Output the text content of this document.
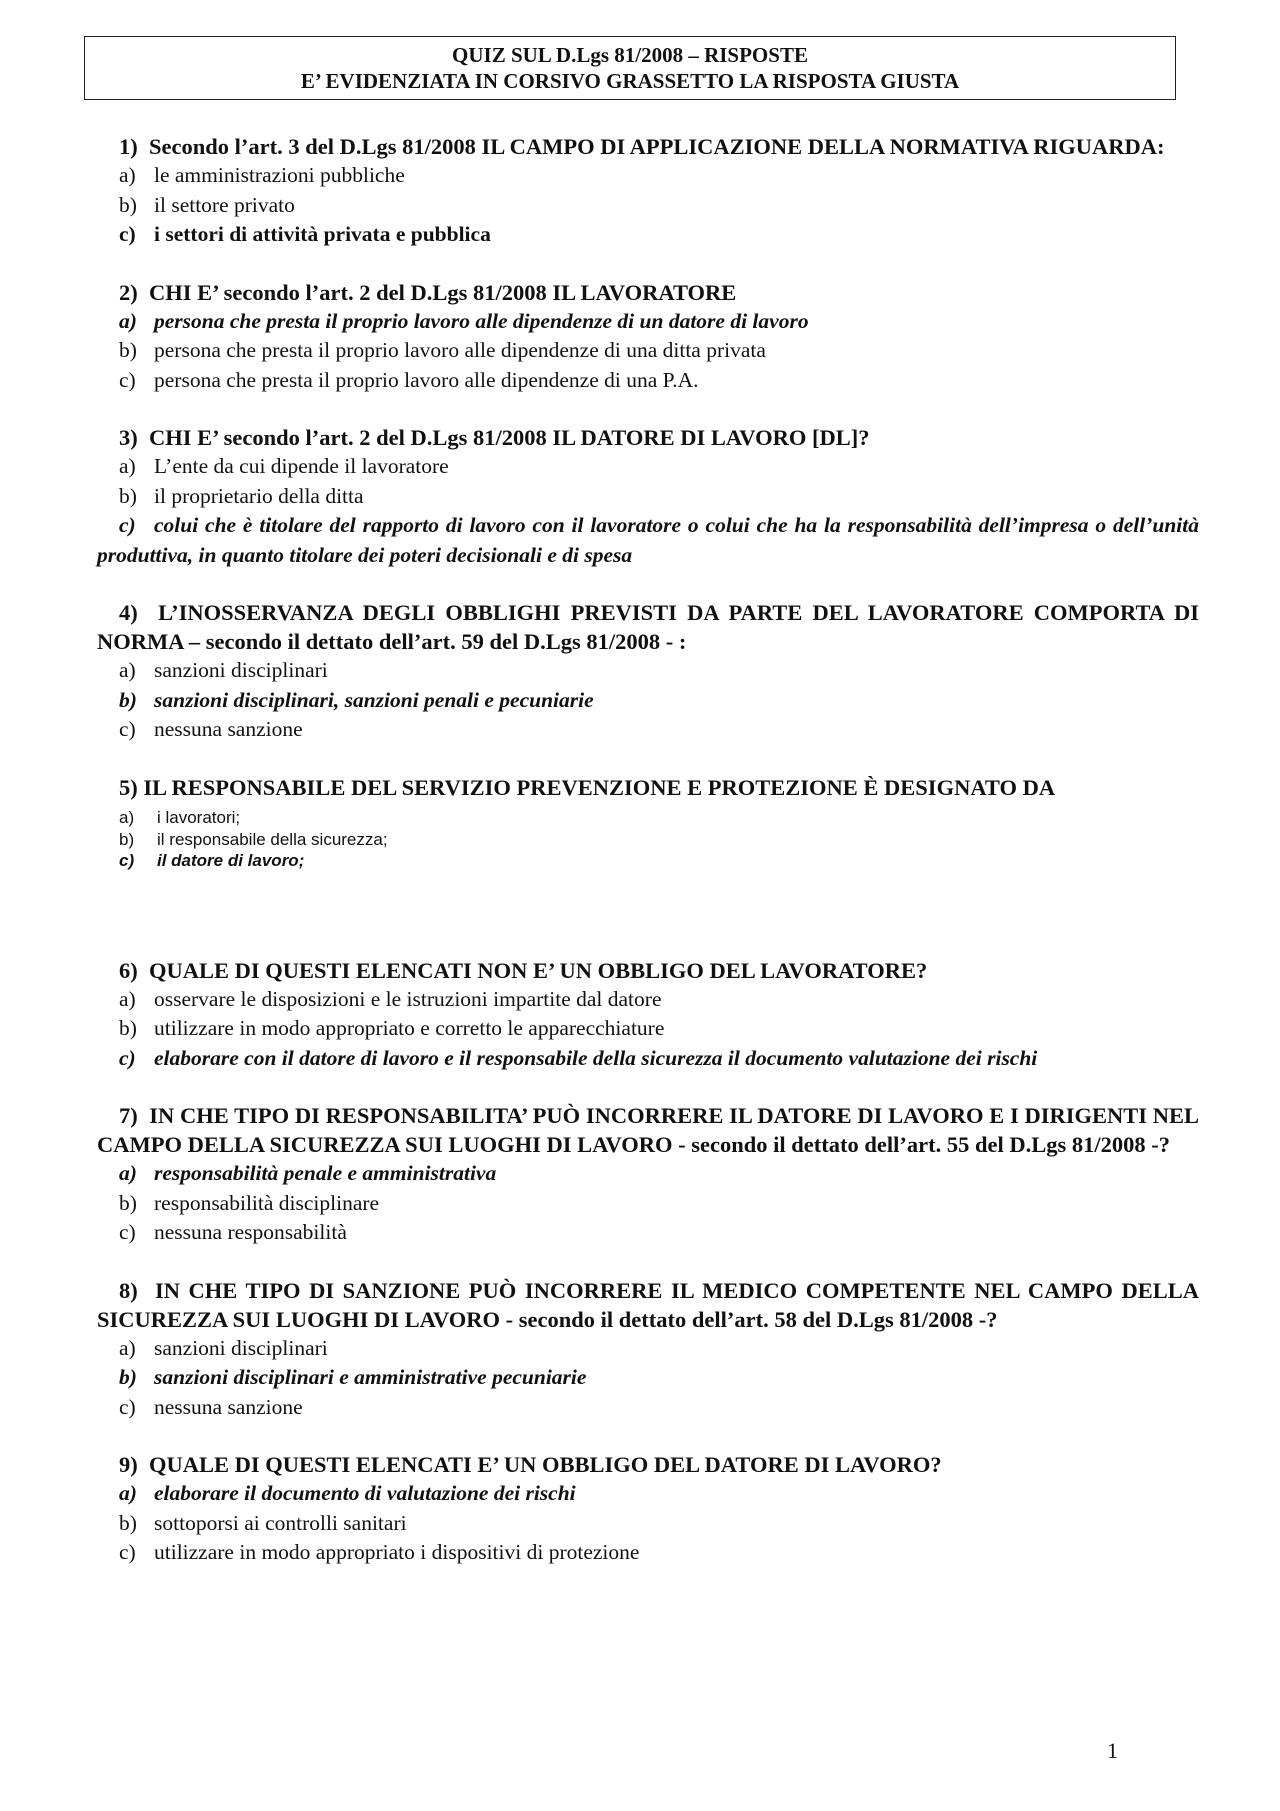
QUIZ SUL D.Lgs 81/2008 – RISPOSTE
E’ EVIDENZIATA IN CORSIVO GRASSETTO LA RISPOSTA GIUSTA

1) Secondo l’art. 3 del D.Lgs 81/2008 IL CAMPO DI APPLICAZIONE DELLA NORMATIVA RIGUARDA:

a) le amministrazioni pubbliche

b) il settore privato

c) i settori di attività privata e pubblica

2) CHI E’ secondo l’art. 2 del D.Lgs 81/2008 IL LAVORATORE

a) persona che presta il proprio lavoro alle dipendenze di un datore di lavoro

b) persona che presta il proprio lavoro alle dipendenze di una ditta privata

c) persona che presta il proprio lavoro alle dipendenze di una P.A.

3) CHI E’ secondo l’art. 2 del D.Lgs 81/2008 IL DATORE DI LAVORO [DL]?

a) L’ente da cui dipende il lavoratore

b) il proprietario della ditta

c) colui che è titolare del rapporto di lavoro con il lavoratore o colui che ha la responsabilità dell’impresa o dell’unità produttiva, in quanto titolare dei poteri decisionali e di spesa

4) L’INOSSERVANZA DEGLI OBBLIGHI PREVISTI DA PARTE DEL LAVORATORE COMPORTA DI NORMA – secondo il dettato dell’art. 59 del D.Lgs 81/2008 - :

a) sanzioni disciplinari

b) sanzioni disciplinari, sanzioni penali e pecuniarie

c) nessuna sanzione

5) IL RESPONSABILE DEL SERVIZIO PREVENZIONE E PROTEZIONE È DESIGNATO DA

a)	i lavoratori;

b)	il responsabile della sicurezza;

c)	il datore di lavoro;

6) QUALE DI QUESTI ELENCATI NON E’ UN OBBLIGO DEL LAVORATORE?

a) osservare le disposizioni e le istruzioni impartite dal datore

b) utilizzare in modo appropriato e corretto le apparecchiature

c) elaborare con il datore di lavoro e il responsabile della sicurezza il documento valutazione dei rischi

7) IN CHE TIPO DI RESPONSABILITA’ PUÒ INCORRERE IL DATORE DI LAVORO E I DIRIGENTI NEL CAMPO DELLA SICUREZZA SUI LUOGHI DI LAVORO - secondo il dettato dell’art. 55 del D.Lgs 81/2008 -?

a) responsabilità penale e amministrativa

b) responsabilità disciplinare

c) nessuna responsabilità

8) IN CHE TIPO DI SANZIONE PUÒ INCORRERE IL MEDICO COMPETENTE NEL CAMPO DELLA SICUREZZA SUI LUOGHI DI LAVORO - secondo il dettato dell’art. 58 del D.Lgs 81/2008 -?

a) sanzioni disciplinari

b) sanzioni disciplinari e amministrative pecuniarie

c) nessuna sanzione

9) QUALE DI QUESTI ELENCATI E’ UN OBBLIGO DEL DATORE DI LAVORO?

a) elaborare il documento di valutazione dei rischi

b) sottoporsi ai controlli sanitari

c) utilizzare in modo appropriato i dispositivi di protezione

1
